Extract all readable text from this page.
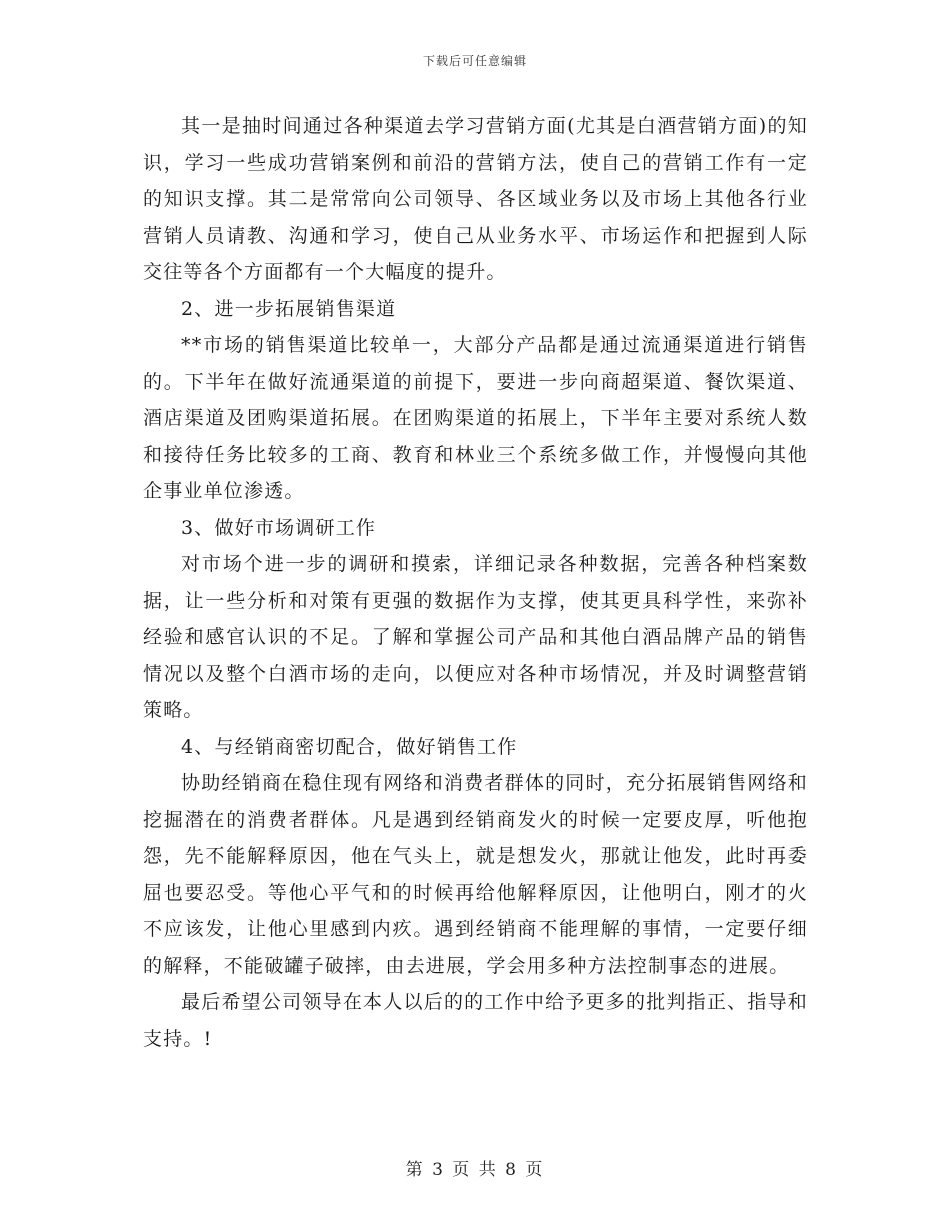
下载后可任意编辑

其一是抽时间通过各种渠道去学习营销方面(尤其是白酒营销方面)的知识，学习一些成功营销案例和前沿的营销方法，使自己的营销工作有一定的知识支撑。其二是常常向公司领导、各区域业务以及市场上其他各行业营销人员请教、沟通和学习，使自己从业务水平、市场运作和把握到人际交往等各个方面都有一个大幅度的提升。

2、进一步拓展销售渠道

**市场的销售渠道比较单一，大部分产品都是通过流通渠道进行销售的。下半年在做好流通渠道的前提下，要进一步向商超渠道、餐饮渠道、酒店渠道及团购渠道拓展。在团购渠道的拓展上，下半年主要对系统人数和接待任务比较多的工商、教育和林业三个系统多做工作，并慢慢向其他企事业单位渗透。

3、做好市场调研工作

对市场个进一步的调研和摸索，详细记录各种数据，完善各种档案数据，让一些分析和对策有更强的数据作为支撑，使其更具科学性，来弥补经验和感官认识的不足。了解和掌握公司产品和其他白酒品牌产品的销售情况以及整个白酒市场的走向，以便应对各种市场情况，并及时调整营销策略。

4、与经销商密切配合，做好销售工作

协助经销商在稳住现有网络和消费者群体的同时，充分拓展销售网络和挖掘潜在的消费者群体。凡是遇到经销商发火的时候一定要皮厚，听他抱怨，先不能解释原因，他在气头上，就是想发火，那就让他发，此时再委屈也要忍受。等他心平气和的时候再给他解释原因，让他明白，刚才的火不应该发，让他心里感到内疚。遇到经销商不能理解的事情，一定要仔细的解释，不能破罐子破摔，由去进展，学会用多种方法控制事态的进展。

最后希望公司领导在本人以后的的工作中给予更多的批判指正、指导和支持。!

第 3 页 共 8 页
